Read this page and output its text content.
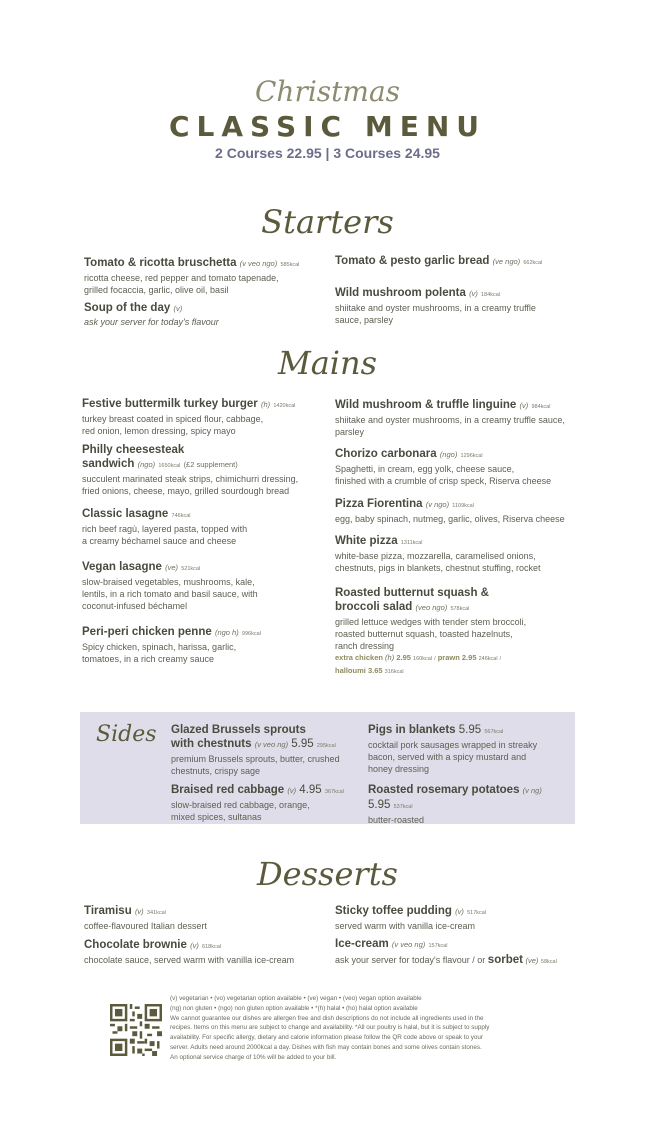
Christmas
CLASSIC MENU
2 Courses 22.95 | 3 Courses 24.95
Starters
Tomato & ricotta bruschetta (v veo ngo) 585kcal
ricotta cheese, red pepper and tomato tapenade,
grilled focaccia, garlic, olive oil, basil
Soup of the day (v)
ask your server for today's flavour
Tomato & pesto garlic bread (ve ngo) 662kcal
Wild mushroom polenta (v) 184kcal
shiitake and oyster mushrooms, in a creamy truffle
sauce, parsley
Mains
Festive buttermilk turkey burger (h) 1420kcal
turkey breast coated in spiced flour, cabbage,
red onion, lemon dressing, spicy mayo
Philly cheesesteak
sandwich (ngo) 1650kcal (£2 supplement)
succulent marinated steak strips, chimichurri dressing,
fried onions, cheese, mayo, grilled sourdough bread
Classic lasagne 746kcal
rich beef ragù, layered pasta, topped with
a creamy béchamel sauce and cheese
Vegan lasagne (ve) 521kcal
slow-braised vegetables, mushrooms, kale,
lentils, in a rich tomato and basil sauce, with
coconut-infused béchamel
Peri-peri chicken penne (ngo h) 996kcal
Spicy chicken, spinach, harissa, garlic,
tomatoes, in a rich creamy sauce
Wild mushroom & truffle linguine (v) 984kcal
shiitake and oyster mushrooms, in a creamy truffle sauce,
parsley
Chorizo carbonara (ngo) 1296kcal
Spaghetti, in cream, egg yolk, cheese sauce,
finished with a crumble of crisp speck, Riserva cheese
Pizza Fiorentina (v ngo) 1109kcal
egg, baby spinach, nutmeg, garlic, olives, Riserva cheese
White pizza 1311kcal
white-base pizza, mozzarella, caramelised onions,
chestnuts, pigs in blankets, chestnut stuffing, rocket
Roasted butternut squash &
broccoli salad (veo ngo) 578kcal
grilled lettuce wedges with tender stem broccoli,
roasted butternut squash, toasted hazelnuts,
ranch dressing
extra chicken (h) 2.95 160kcal / prawn 2.95 246kcal /
halloumi 3.65 316kcal
Sides Glazed Brussels sprouts
with chestnuts (v veo ng) 5.95 295kcal
premium Brussels sprouts, butter, crushed
chestnuts, crispy sage
Braised red cabbage (v) 4.95 367kcal
slow-braised red cabbage, orange,
mixed spices, sultanas
Pigs in blankets 5.95 567kcal
cocktail pork sausages wrapped in streaky
bacon, served with a spicy mustard and
honey dressing
Roasted rosemary potatoes (v ng)
5.95 537kcal
butter-roasted
Desserts
Tiramisu (v) 341kcal
coffee-flavoured Italian dessert
Chocolate brownie (v) 618kcal
chocolate sauce, served warm with vanilla ice-cream
Sticky toffee pudding (v) 517kcal
served warm with vanilla ice-cream
Ice-cream (v veo ng) 157kcal
ask your server for today's flavour / or sorbet (ve) 58kcal
(v) vegetarian • (vo) vegetarian option available • (ve) vegan • (veo) vegan option available
(ng) non gluten • (ngo) non gluten option available • *(h) halal • (ho) halal option available
We cannot guarantee our dishes are allergen free and dish descriptions do not include all ingredients used in the
recipes. Items on this menu are subject to change and availability. *All our poultry is halal, but it is subject to supply
availability. For specific allergy, dietary and calorie information please follow the QR code above or speak to your
server. Adults need around 2000kcal a day. Dishes with fish may contain bones and some olives contain stones.
An optional service charge of 10% will be added to your bill.
